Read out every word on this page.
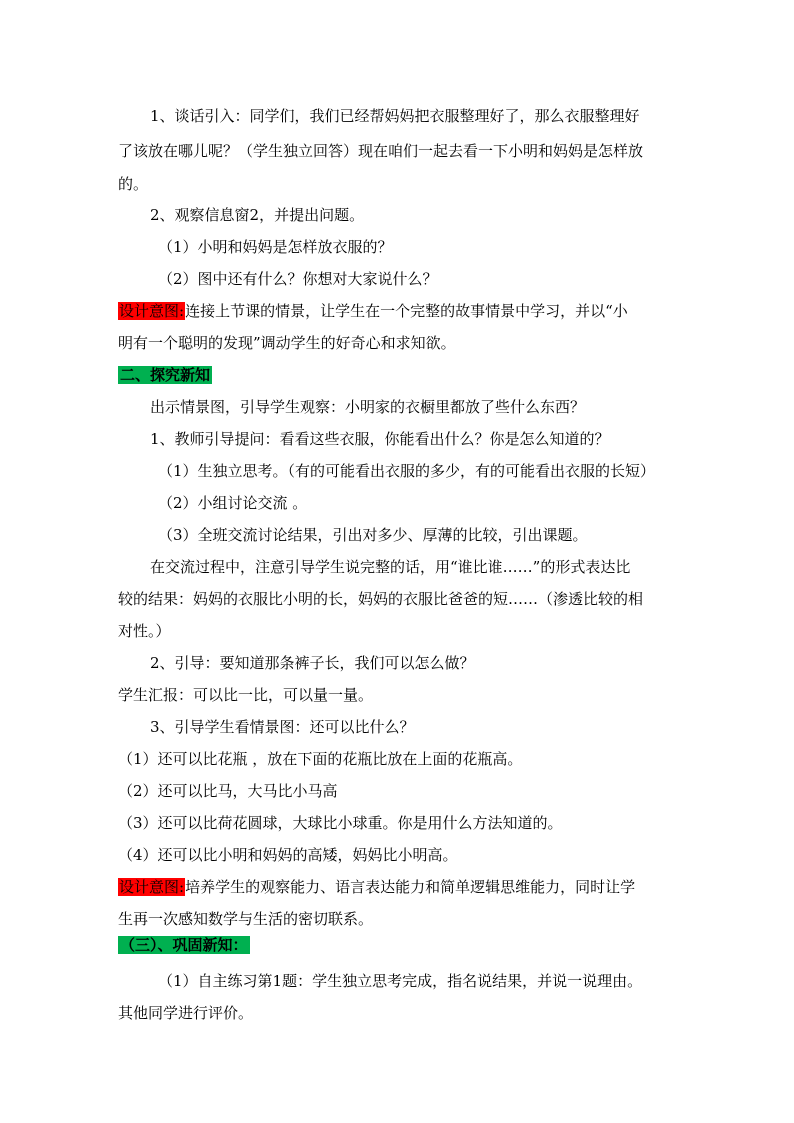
1、谈话引入：同学们，我们已经帮妈妈把衣服整理好了，那么衣服整理好
了该放在哪儿呢？（学生独立回答）现在咱们一起去看一下小明和妈妈是怎样放
的。
2、观察信息窗2，并提出问题。
（1）小明和妈妈是怎样放衣服的？
（2）图中还有什么？你想对大家说什么？
设计意图:连接上节课的情景，让学生在一个完整的故事情景中学习，并以“小
明有一个聪明的发现”调动学生的好奇心和求知欲。
二、探究新知
出示情景图，引导学生观察：小明家的衣橱里都放了些什么东西？
1、教师引导提问：看看这些衣服，你能看出什么？你是怎么知道的？
（1）生独立思考。（有的可能看出衣服的多少，有的可能看出衣服的长短）
（2）小组讨论交流 。
（3）全班交流讨论结果，引出对多少、厚薄的比较，引出课题。
在交流过程中，注意引导学生说完整的话，用“谁比谁……”的形式表达比
较的结果：妈妈的衣服比小明的长，妈妈的衣服比爸爸的短……（渗透比较的相
对性。）
2、引导：要知道那条裤子长，我们可以怎么做？
学生汇报：可以比一比，可以量一量。
3、引导学生看情景图：还可以比什么？
（1）还可以比花瓶 ，放在下面的花瓶比放在上面的花瓶高。
（2）还可以比马，大马比小马高
（3）还可以比荷花圆球，大球比小球重。你是用什么方法知道的。
（4）还可以比小明和妈妈的高矮，妈妈比小明高。
设计意图:培养学生的观察能力、语言表达能力和简单逻辑思维能力，同时让学
生再一次感知数学与生活的密切联系。
（三）、巩固新知：
（1）自主练习第1题：学生独立思考完成，指名说结果，并说一说理由。
其他同学进行评价。
